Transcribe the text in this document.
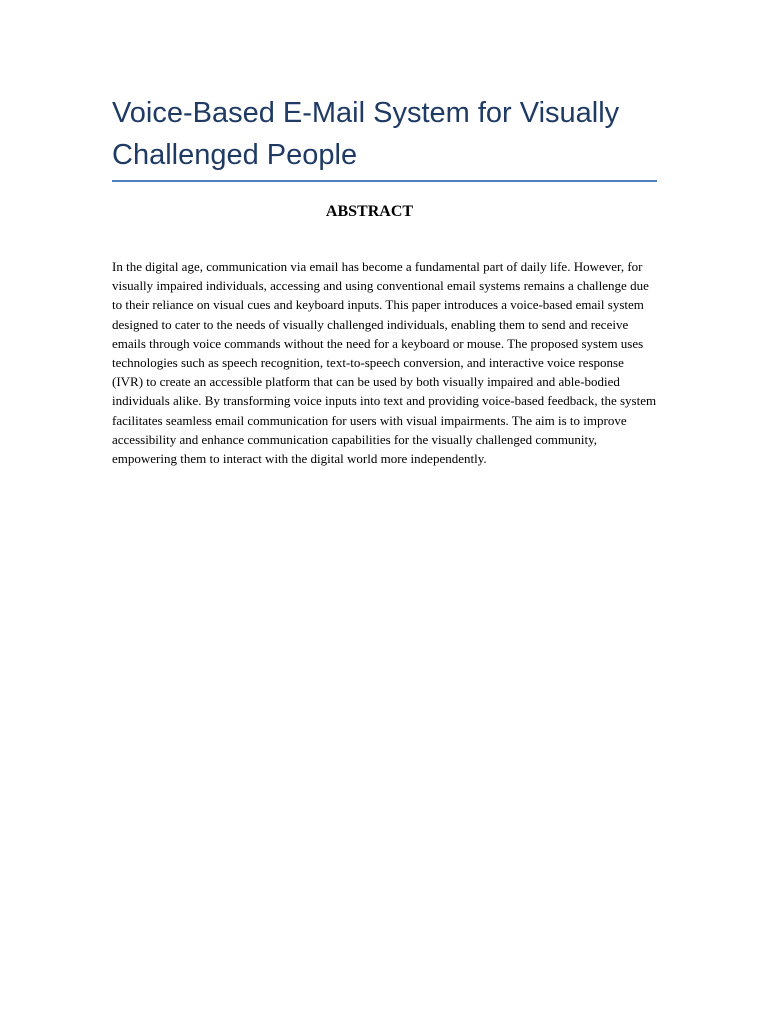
Voice-Based E-Mail System for Visually Challenged People
ABSTRACT

In the digital age, communication via email has become a fundamental part of daily life. However, for visually impaired individuals, accessing and using conventional email systems remains a challenge due to their reliance on visual cues and keyboard inputs. This paper introduces a voice-based email system designed to cater to the needs of visually challenged individuals, enabling them to send and receive emails through voice commands without the need for a keyboard or mouse. The proposed system uses technologies such as speech recognition, text-to-speech conversion, and interactive voice response (IVR) to create an accessible platform that can be used by both visually impaired and able-bodied individuals alike. By transforming voice inputs into text and providing voice-based feedback, the system facilitates seamless email communication for users with visual impairments. The aim is to improve accessibility and enhance communication capabilities for the visually challenged community, empowering them to interact with the digital world more independently.
